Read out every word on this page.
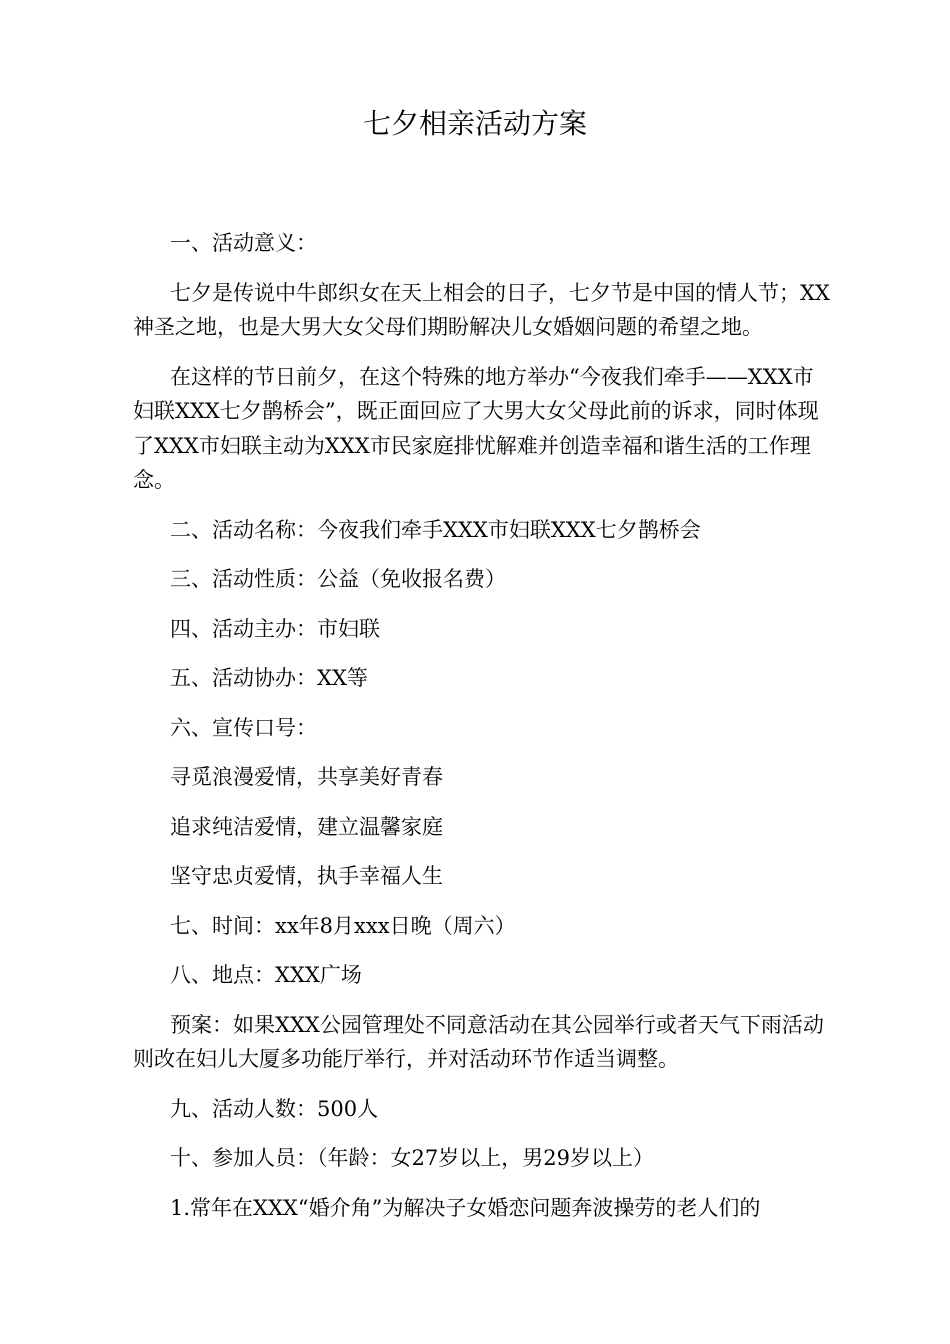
七夕相亲活动方案

一、活动意义：

七夕是传说中牛郎织女在天上相会的日子，七夕节是中国的情人节；XX神圣之地，也是大男大女父母们期盼解决儿女婚姻问题的希望之地。

在这样的节日前夕，在这个特殊的地方举办“今夜我们牵手——XXX市妇联XXX七夕鹊桥会”，既正面回应了大男大女父母此前的诉求，同时体现了XXX市妇联主动为XXX市民家庭排忧解难并创造幸福和谐生活的工作理念。

二、活动名称：今夜我们牵手XXX市妇联XXX七夕鹊桥会

三、活动性质：公益（免收报名费）

四、活动主办：市妇联

五、活动协办：XX等

六、宣传口号：

寻觅浪漫爱情，共享美好青春

追求纯洁爱情，建立温馨家庭

坚守忠贞爱情，执手幸福人生

七、时间：xx年8月xxx日晚（周六）

八、地点：XXX广场

预案：如果XXX公园管理处不同意活动在其公园举行或者天气下雨活动则改在妇儿大厦多功能厅举行，并对活动环节作适当调整。

九、活动人数：500人

十、参加人员：（年龄：女27岁以上，男29岁以上）

1.常年在XXX“婚介角”为解决子女婚恋问题奔波操劳的老人们的
